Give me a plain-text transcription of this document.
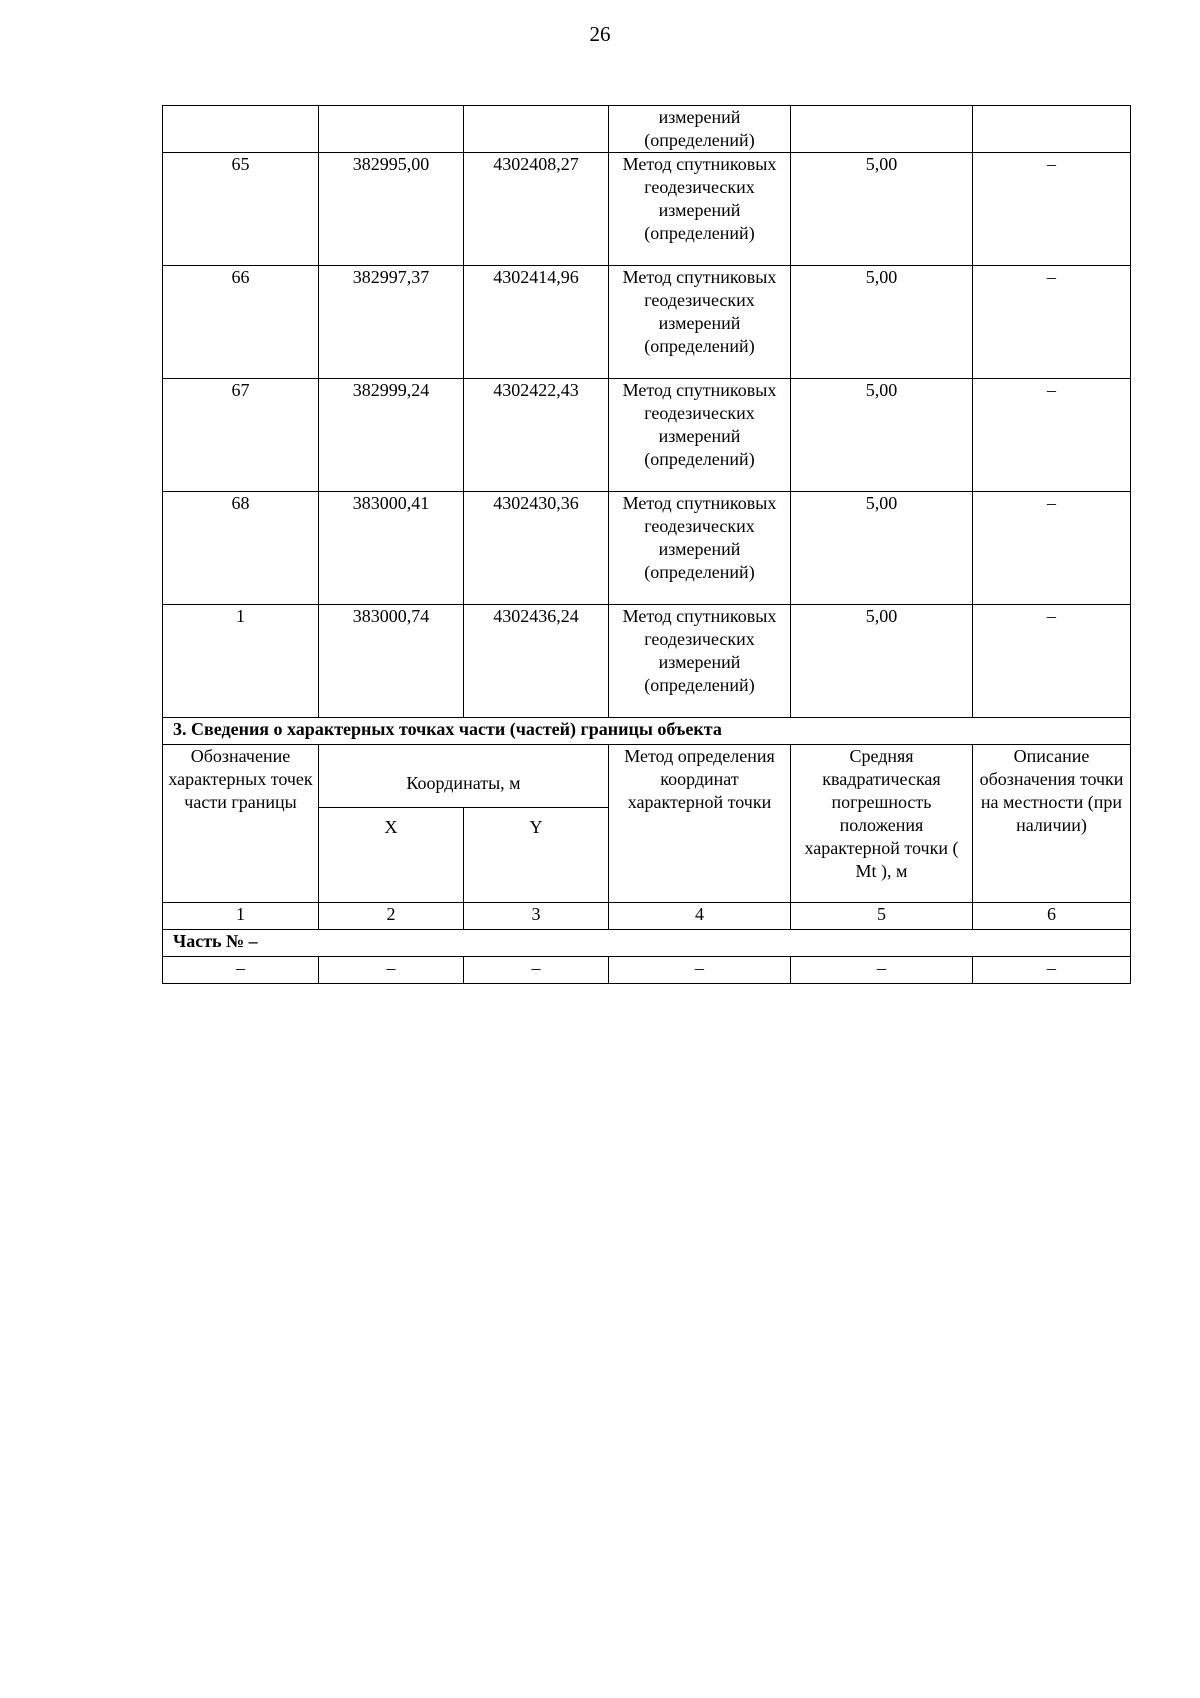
26
			измерений (определений)		
65	382995,00	4302408,27	Метод спутниковых геодезических измерений (определений)	5,00	–
66	382997,37	4302414,96	Метод спутниковых геодезических измерений (определений)	5,00	–
67	382999,24	4302422,43	Метод спутниковых геодезических измерений (определений)	5,00	–
68	383000,41	4302430,36	Метод спутниковых геодезических измерений (определений)	5,00	–
1	383000,74	4302436,24	Метод спутниковых геодезических измерений (определений)	5,00	–
3. Сведения о характерных точках части (частей) границы объекта					
Обозначение характерных точек части границы	Координаты, м		Метод определения координат характерной точки	Средняя квадратическая погрешность положения характерной точки ( Mt ), м	Описание обозначения точки на местности (при наличии)
	X	Y			
1	2	3	4	5	6
Часть № –					
–	–	–	–	–	–
